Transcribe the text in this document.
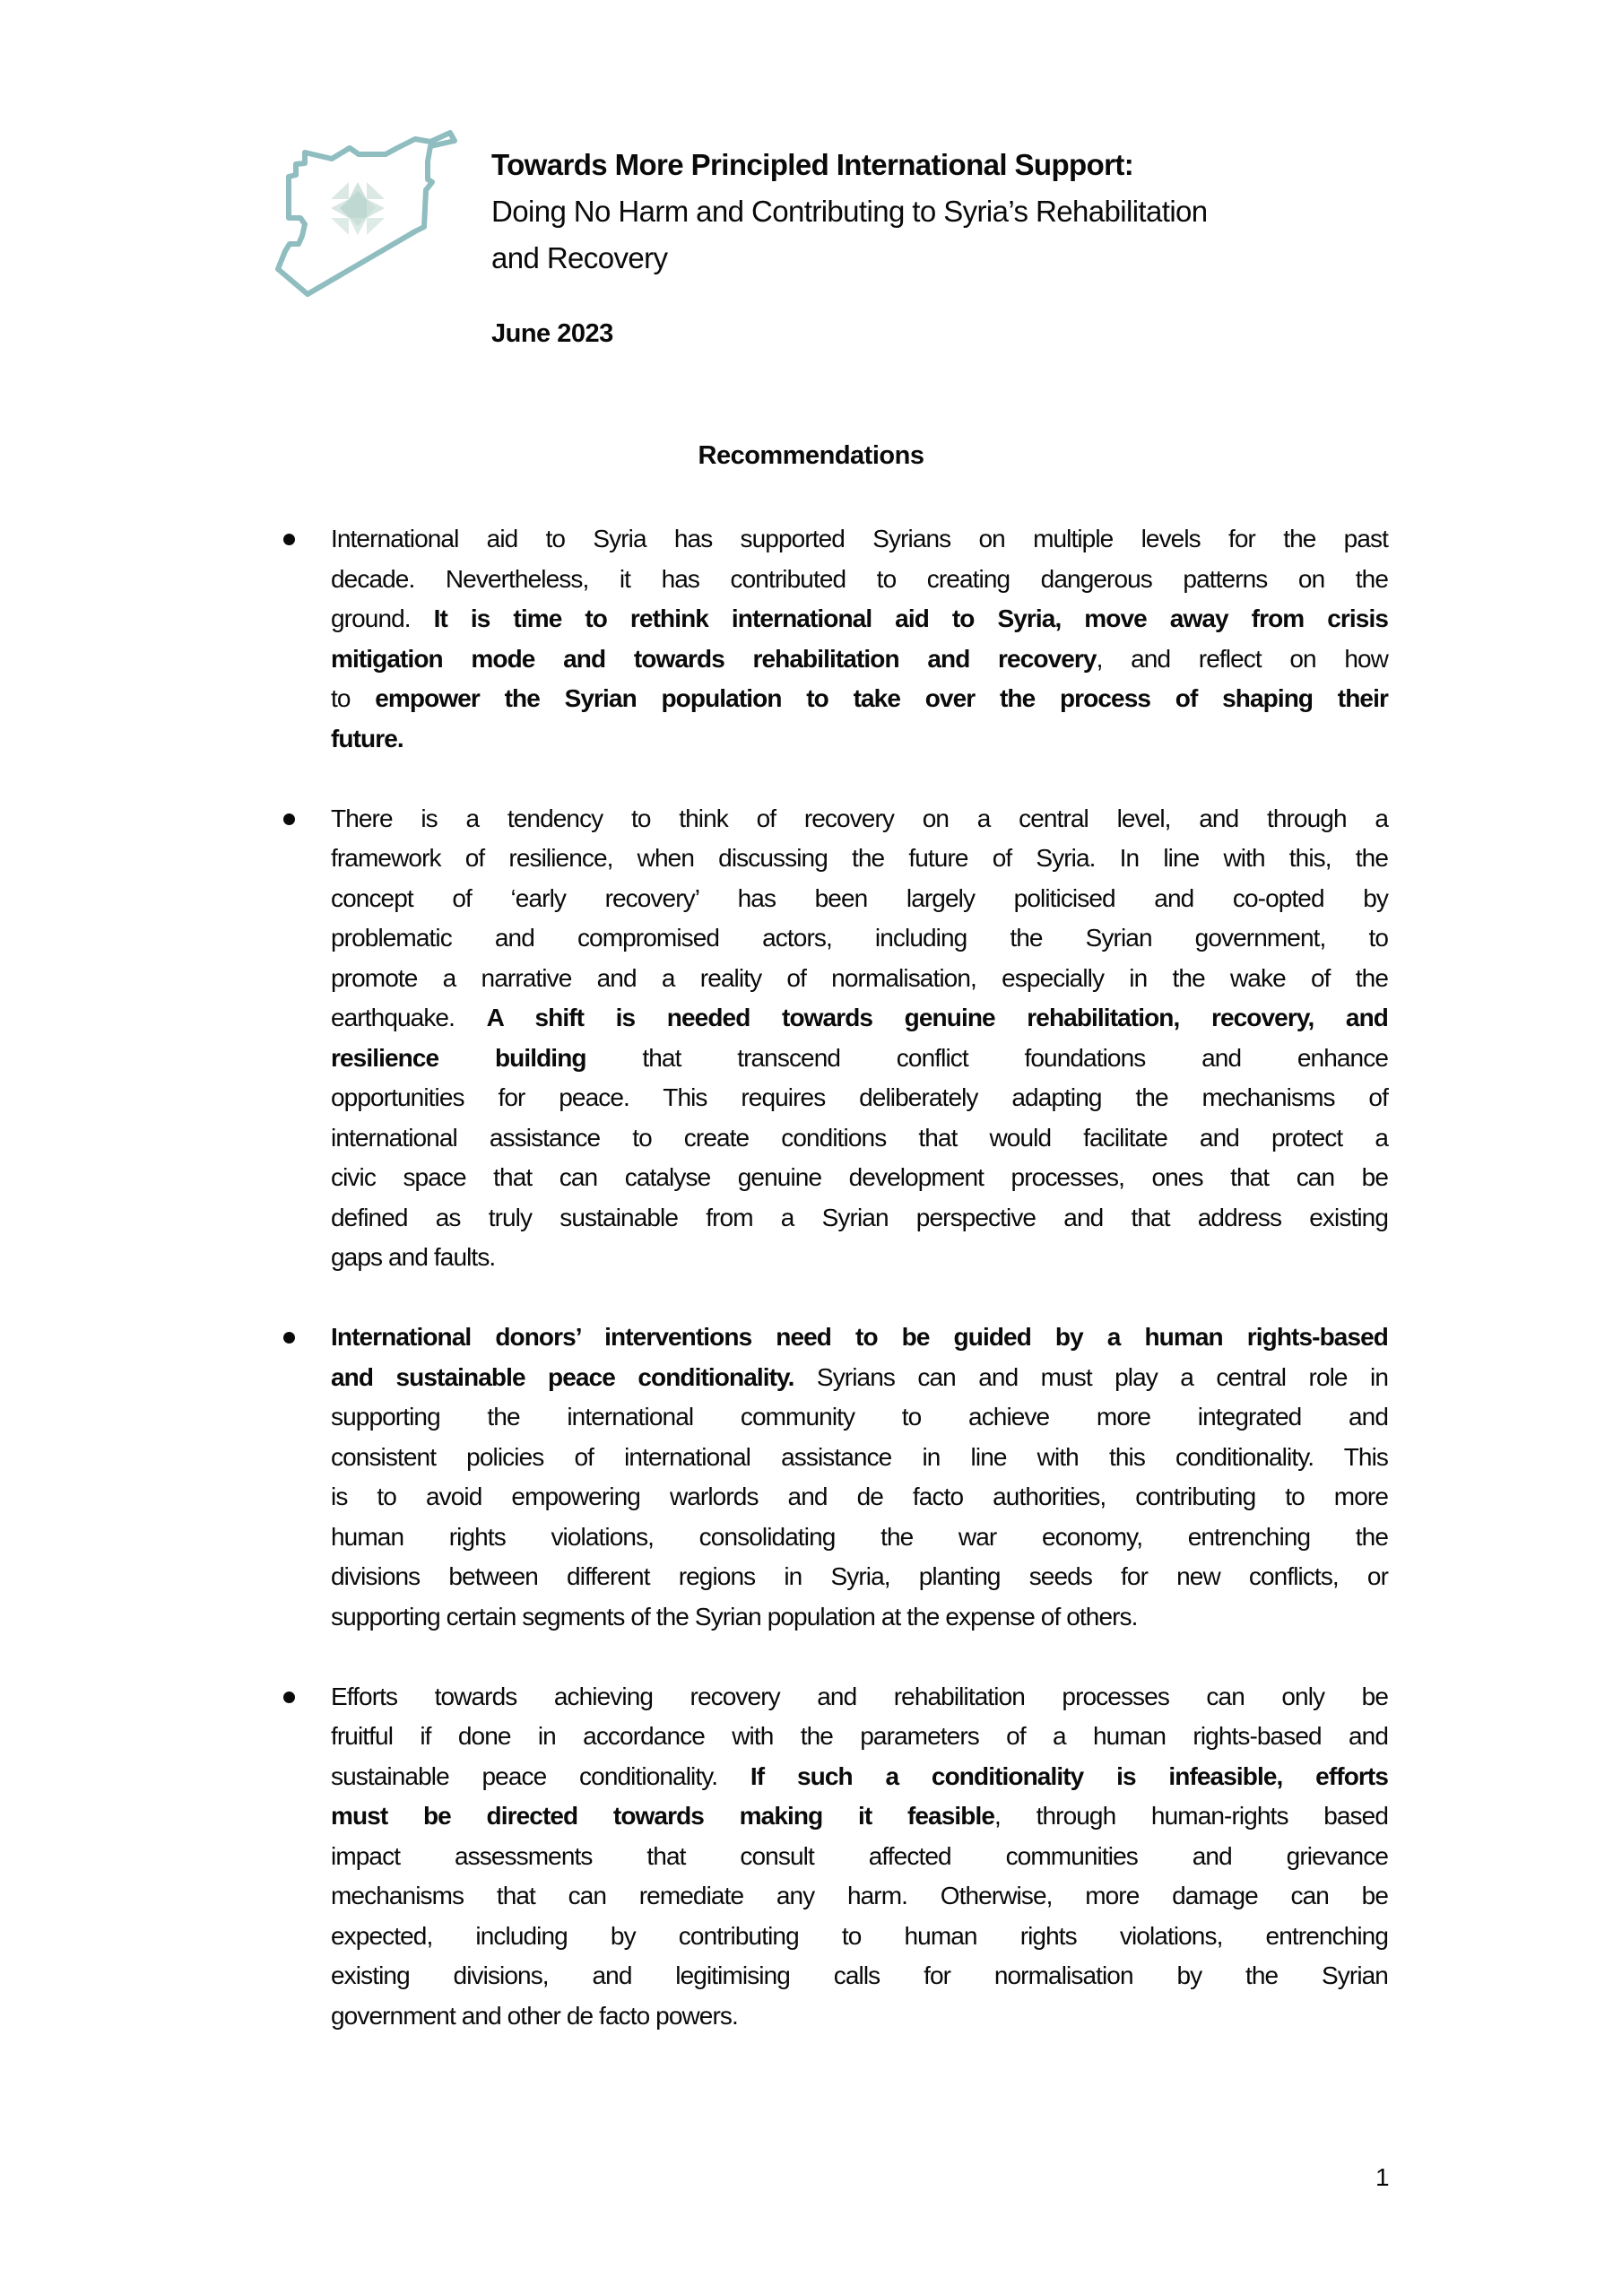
Towards More Principled International Support:
Doing No Harm and Contributing to Syria’s Rehabilitation
and Recovery
June 2023
Recommendations
International aid to Syria has supported Syrians on multiple levels for the past
decade. Nevertheless, it has contributed to creating dangerous patterns on the
ground. It is time to rethink international aid to Syria, move away from crisis
mitigation mode and towards rehabilitation and recovery, and reflect on how
to empower the Syrian population to take over the process of shaping their
future.
There is a tendency to think of recovery on a central level, and through a
framework of resilience, when discussing the future of Syria. In line with this, the
concept of ‘early recovery’ has been largely politicised and co-opted by
problematic and compromised actors, including the Syrian government, to
promote a narrative and a reality of normalisation, especially in the wake of the
earthquake. A shift is needed towards genuine rehabilitation, recovery, and
resilience building that transcend conflict foundations and enhance
opportunities for peace. This requires deliberately adapting the mechanisms of
international assistance to create conditions that would facilitate and protect a
civic space that can catalyse genuine development processes, ones that can be
defined as truly sustainable from a Syrian perspective and that address existing
gaps and faults.
International donors’ interventions need to be guided by a human rights-based
and sustainable peace conditionality. Syrians can and must play a central role in
supporting the international community to achieve more integrated and
consistent policies of international assistance in line with this conditionality. This
is to avoid empowering warlords and de facto authorities, contributing to more
human rights violations, consolidating the war economy, entrenching the
divisions between different regions in Syria, planting seeds for new conflicts, or
supporting certain segments of the Syrian population at the expense of others.
Efforts towards achieving recovery and rehabilitation processes can only be
fruitful if done in accordance with the parameters of a human rights-based and
sustainable peace conditionality. If such a conditionality is infeasible, efforts
must be directed towards making it feasible, through human-rights based
impact assessments that consult affected communities and grievance
mechanisms that can remediate any harm. Otherwise, more damage can be
expected, including by contributing to human rights violations, entrenching
existing divisions, and legitimising calls for normalisation by the Syrian
government and other de facto powers.
1
